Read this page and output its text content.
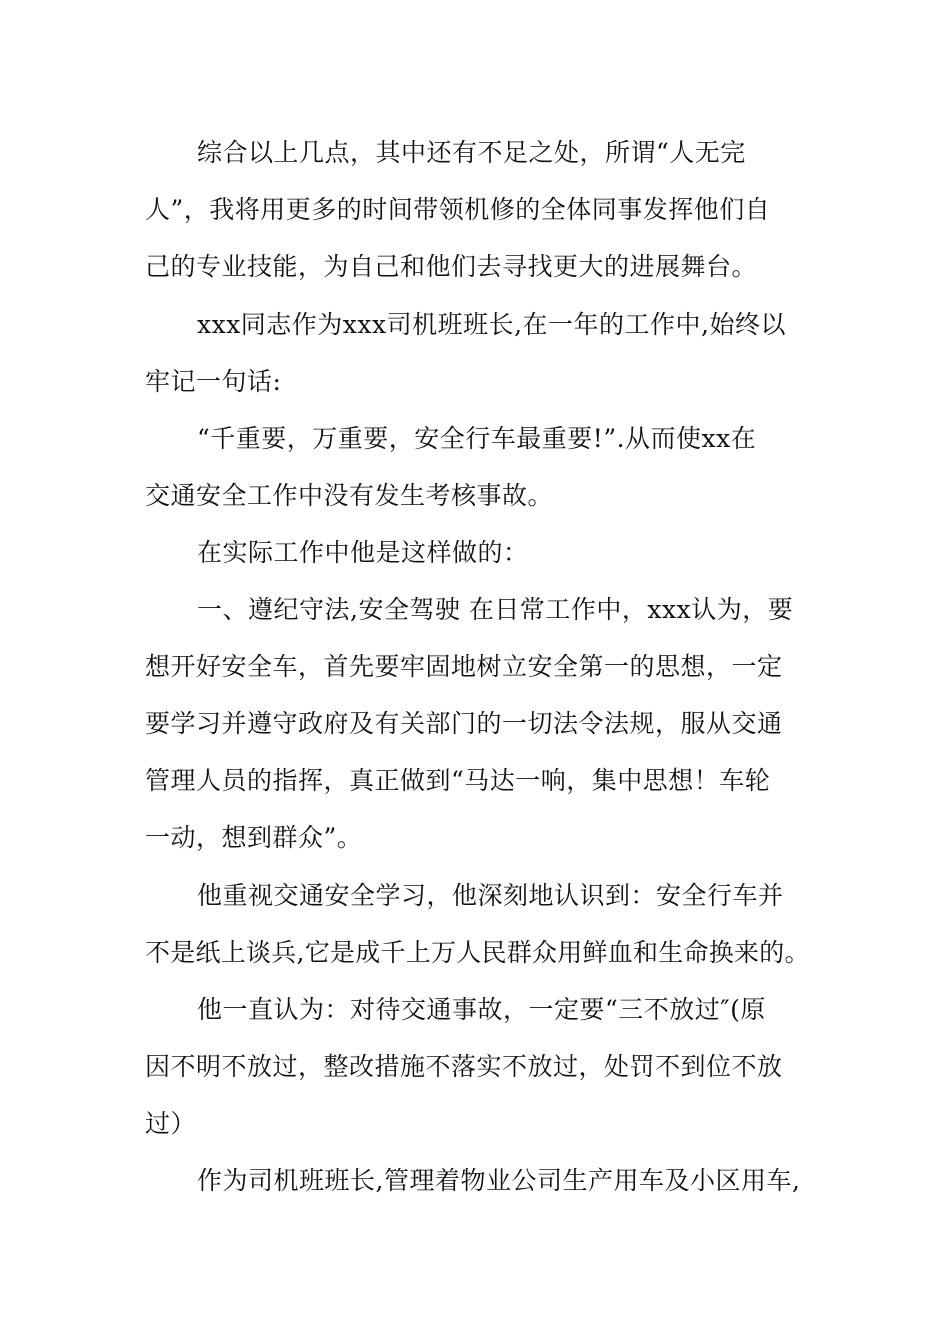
综合以上几点，其中还有不足之处，所谓“人无完
人”，我将用更多的时间带领机修的全体同事发挥他们自
己的专业技能，为自己和他们去寻找更大的进展舞台。
xxx同志作为xxx司机班班长,在一年的工作中,始终以
牢记一句话:
“千重要，万重要，安全行车最重要!”.从而使xx在
交通安全工作中没有发生考核事故。
在实际工作中他是这样做的：
一、遵纪守法,安全驾驶 在日常工作中，xxx认为，要
想开好安全车，首先要牢固地树立安全第一的思想，一定
要学习并遵守政府及有关部门的一切法令法规，服从交通
管理人员的指挥，真正做到“马达一响，集中思想！车轮
一动，想到群众”。
他重视交通安全学习，他深刻地认识到：安全行车并
不是纸上谈兵,它是成千上万人民群众用鲜血和生命换来的。
他一直认为：对待交通事故，一定要“三不放过″(原
因不明不放过，整改措施不落实不放过，处罚不到位不放
过）
作为司机班班长,管理着物业公司生产用车及小区用车,
